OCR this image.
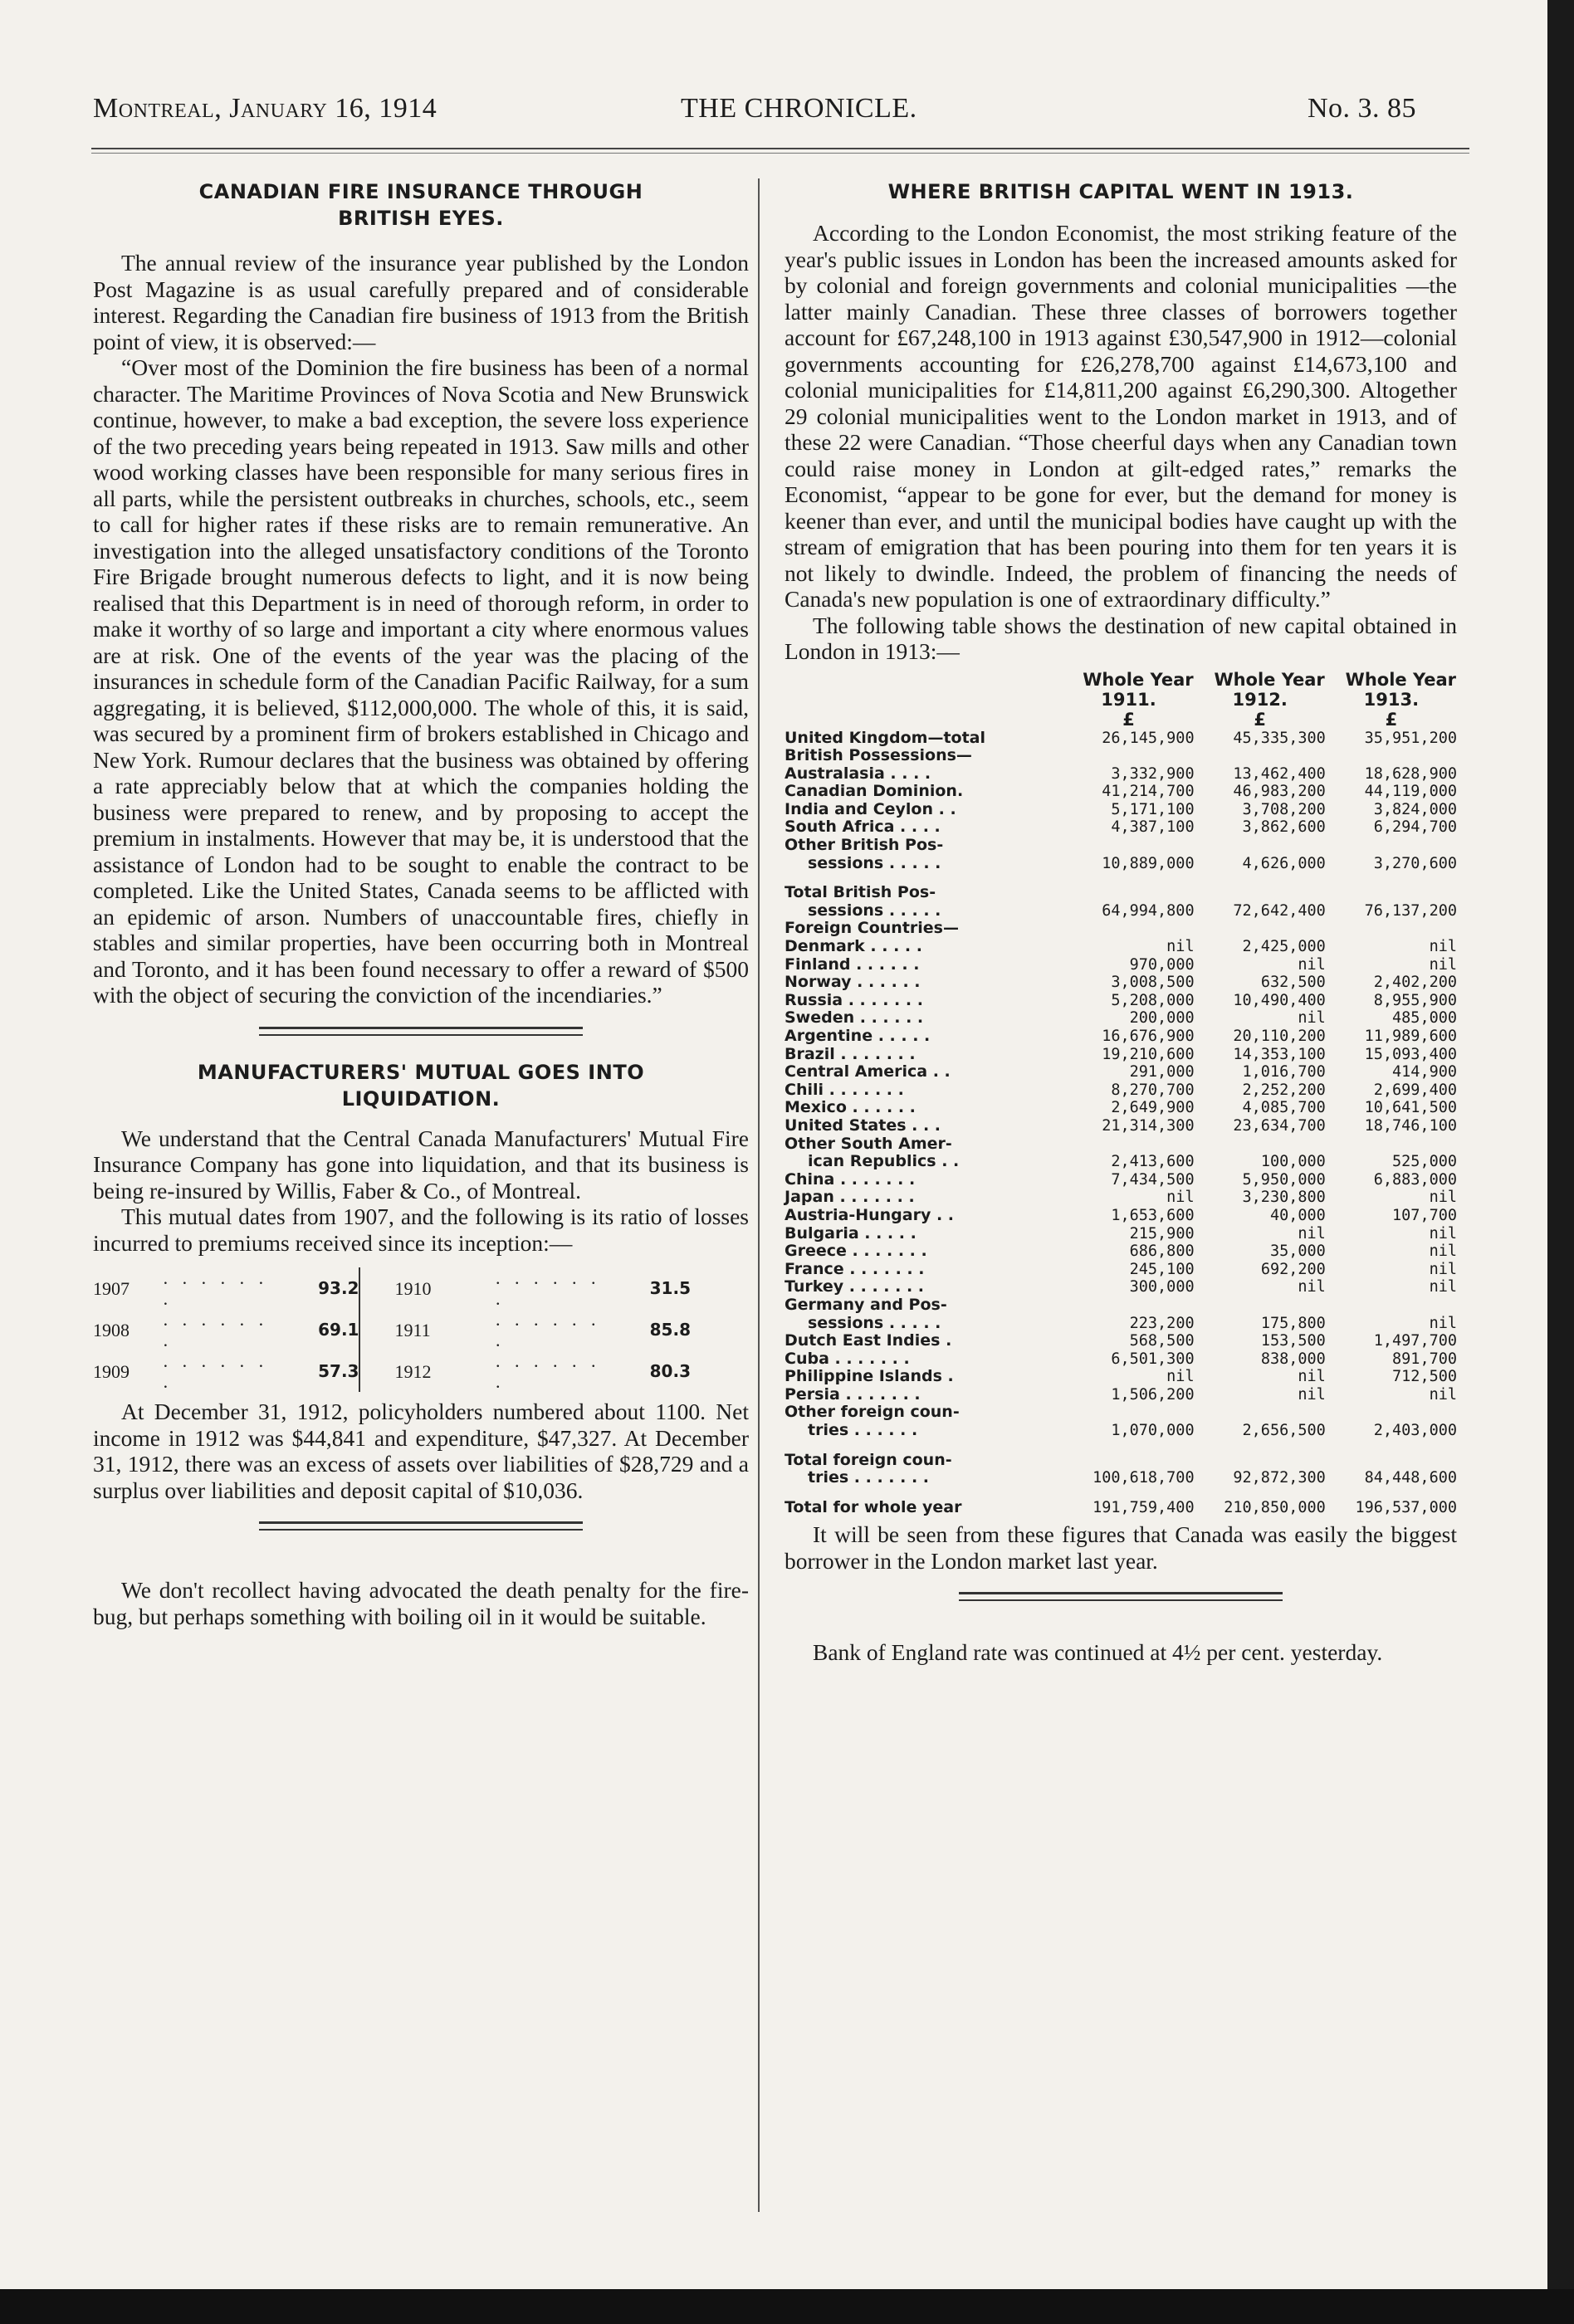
Montreal, January 16, 1914	THE CHRONICLE.	No. 3. 85
CANADIAN FIRE INSURANCE THROUGH BRITISH EYES.

The annual review of the insurance year published by the London Post Magazine is as usual carefully prepared and of considerable interest. Regarding the Canadian fire business of 1913 from the British point of view, it is observed:—

“Over most of the Dominion the fire business has been of a normal character. The Maritime Provinces of Nova Scotia and New Brunswick continue, however, to make a bad exception, the severe loss experience of the two preceding years being repeated in 1913. Saw mills and other wood working classes have been responsible for many serious fires in all parts, while the persistent outbreaks in churches, schools, etc., seem to call for higher rates if these risks are to remain remunerative. An investigation into the alleged unsatisfactory conditions of the Toronto Fire Brigade brought numerous defects to light, and it is now being realised that this Department is in need of thorough reform, in order to make it worthy of so large and important a city where enormous values are at risk. One of the events of the year was the placing of the insurances in schedule form of the Canadian Pacific Railway, for a sum aggregating, it is believed, $112,000,000. The whole of this, it is said, was secured by a prominent firm of brokers established in Chicago and New York. Rumour declares that the business was obtained by offering a rate appreciably below that at which the companies holding the business were prepared to renew, and by proposing to accept the premium in instalments. However that may be, it is understood that the assistance of London had to be sought to enable the contract to be completed. Like the United States, Canada seems to be afflicted with an epidemic of arson. Numbers of unaccountable fires, chiefly in stables and similar properties, have been occurring both in Montreal and Toronto, and it has been found necessary to offer a reward of $500 with the object of securing the conviction of the incendiaries.”

MANUFACTURERS' MUTUAL GOES INTO LIQUIDATION.

We understand that the Central Canada Manufacturers' Mutual Fire Insurance Company has gone into liquidation, and that its business is being re-insured by Willis, Faber & Co., of Montreal.

This mutual dates from 1907, and the following is its ratio of losses incurred to premiums received since its inception:—

1907	. . . . . . .	93.2		1910	. . . . . . .	31.5
1908	. . . . . . .	69.1		1911	. . . . . . .	85.8
1909	. . . . . . .	57.3		1912	. . . . . . .	80.3

At December 31, 1912, policyholders numbered about 1100. Net income in 1912 was $44,841 and expenditure, $47,327. At December 31, 1912, there was an excess of assets over liabilities of $28,729 and a surplus over liabilities and deposit capital of $10,036.

We don't recollect having advocated the death penalty for the fire-bug, but perhaps something with boiling oil in it would be suitable.

WHERE BRITISH CAPITAL WENT IN 1913.

According to the London Economist, the most striking feature of the year's public issues in London has been the increased amounts asked for by colonial and foreign governments and colonial municipalities —the latter mainly Canadian. These three classes of borrowers together account for £67,248,100 in 1913 against £30,547,900 in 1912—colonial governments accounting for £26,278,700 against £14,673,100 and colonial municipalities for £14,811,200 against £6,290,300. Altogether 29 colonial municipalities went to the London market in 1913, and of these 22 were Canadian. “Those cheerful days when any Canadian town could raise money in London at gilt-edged rates,” remarks the Economist, “appear to be gone for ever, but the demand for money is keener than ever, and until the municipal bodies have caught up with the stream of emigration that has been pouring into them for ten years it is not likely to dwindle. Indeed, the problem of financing the needs of Canada's new population is one of extraordinary difficulty.”

The following table shows the destination of new capital obtained in London in 1913:—

	Whole Year	Whole Year	Whole Year
	1911.	1912.	1913.
	£	£	£
United Kingdom—total	26,145,900	45,335,300	35,951,200
British Possessions—			
Australasia . . . .	3,332,900	13,462,400	18,628,900
Canadian Dominion.	41,214,700	46,983,200	44,119,000
India and Ceylon . .	5,171,100	3,708,200	3,824,000
South Africa . . . .	4,387,100	3,862,600	6,294,700
Other British Pos-			
sessions . . . . .	10,889,000	4,626,000	3,270,600

Total British Pos-			
sessions . . . . .	64,994,800	72,642,400	76,137,200
Foreign Countries—			
Denmark . . . . .	nil	2,425,000	nil
Finland . . . . . .	970,000	nil	nil
Norway . . . . . .	3,008,500	632,500	2,402,200
Russia . . . . . . .	5,208,000	10,490,400	8,955,900
Sweden . . . . . .	200,000	nil	485,000
Argentine . . . . .	16,676,900	20,110,200	11,989,600
Brazil . . . . . . .	19,210,600	14,353,100	15,093,400
Central America . .	291,000	1,016,700	414,900
Chili . . . . . . .	8,270,700	2,252,200	2,699,400
Mexico . . . . . .	2,649,900	4,085,700	10,641,500
United States . . .	21,314,300	23,634,700	18,746,100
Other South Amer-			
ican Republics . .	2,413,600	100,000	525,000
China . . . . . . .	7,434,500	5,950,000	6,883,000
Japan . . . . . . .	nil	3,230,800	nil
Austria-Hungary . .	1,653,600	40,000	107,700
Bulgaria . . . . .	215,900	nil	nil
Greece . . . . . . .	686,800	35,000	nil
France . . . . . . .	245,100	692,200	nil
Turkey . . . . . . .	300,000	nil	nil
Germany and Pos-			
sessions . . . . .	223,200	175,800	nil
Dutch East Indies .	568,500	153,500	1,497,700
Cuba . . . . . . .	6,501,300	838,000	891,700
Philippine Islands .	nil	nil	712,500
Persia . . . . . . .	1,506,200	nil	nil
Other foreign coun-			
tries . . . . . .	1,070,000	2,656,500	2,403,000

Total foreign coun-			
tries . . . . . . .	100,618,700	92,872,300	84,448,600

Total for whole year	191,759,400	210,850,000	196,537,000

It will be seen from these figures that Canada was easily the biggest borrower in the London market last year.

Bank of England rate was continued at 4½ per cent. yesterday.
